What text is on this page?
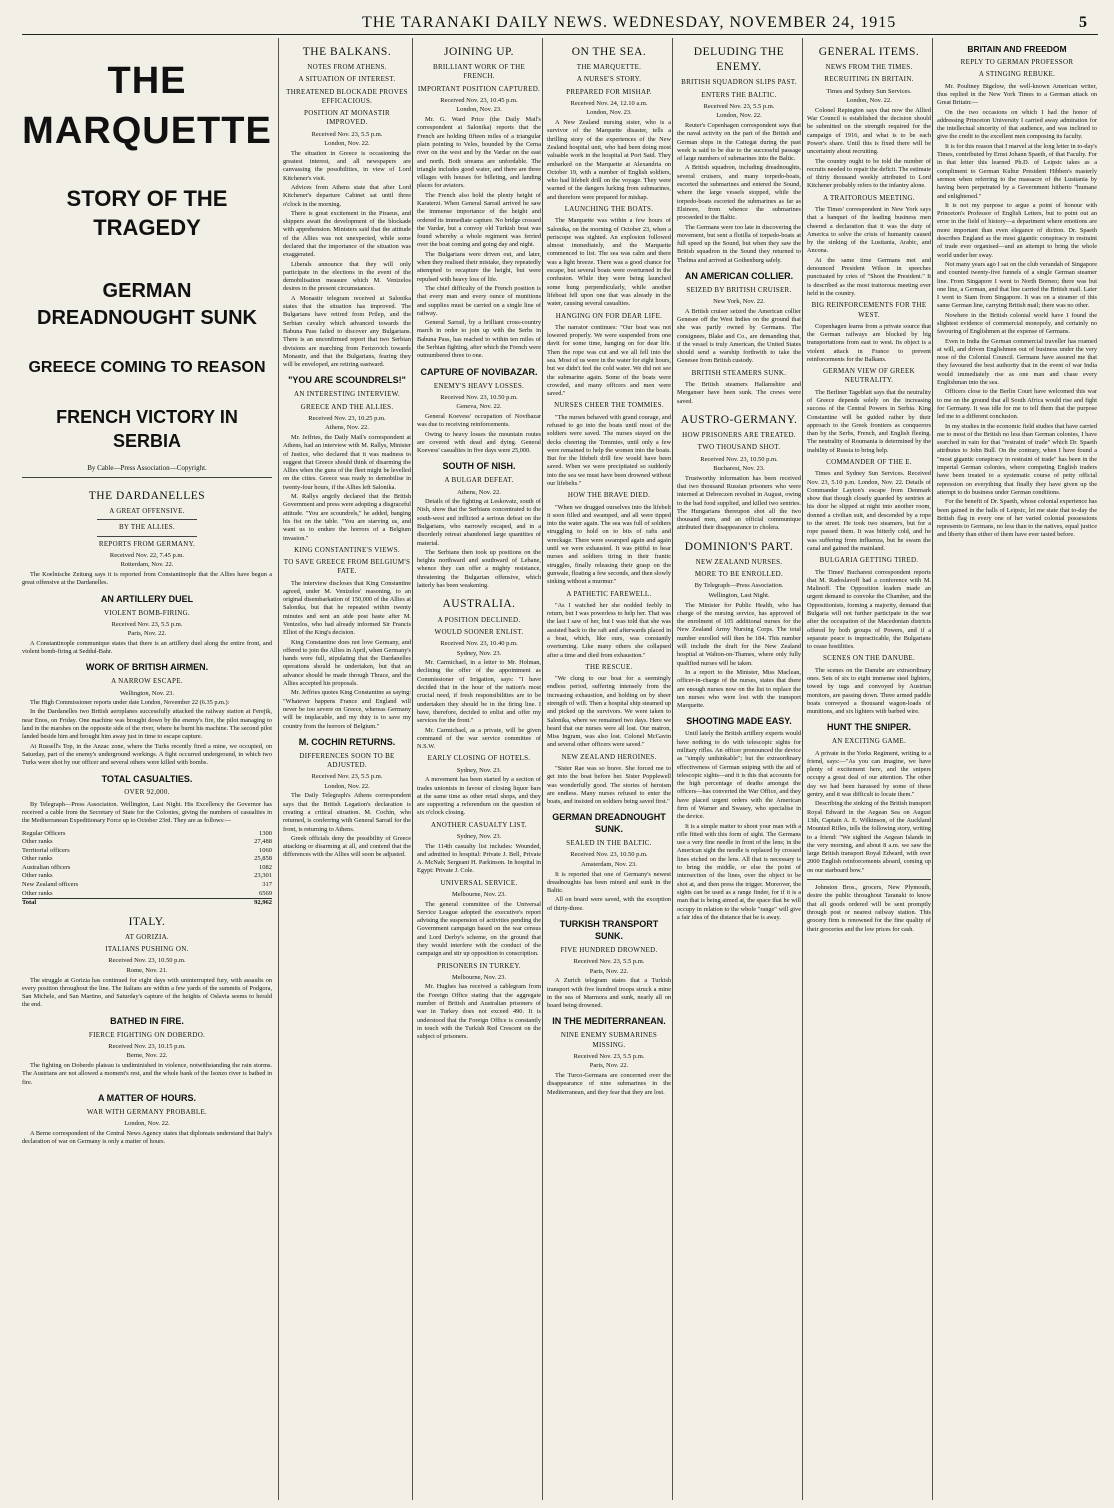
THE TARANAKI DAILY NEWS. WEDNESDAY, NOVEMBER 24, 1915	5
THE MARQUETTE
STORY OF THE TRAGEDY
GERMAN DREADNOUGHT SUNK
GREECE COMING TO REASON
FRENCH VICTORY IN SERBIA
By Cable—Press Association—Copyright.
THE DARDANELLES
A GREAT OFFENSIVE.
BY THE ALLIES.
REPORTS FROM GERMANY.
Received Nov. 22, 7.45 p.m.
Rotterdam, Nov. 22.

The Koelnische Zeitung says it is reported from Constantinople that the Allies have begun a great offensive at the Dardanelles.

AN ARTILLERY DUEL
VIOLENT BOMB-FIRING.
Received Nov. 23, 5.5 p.m.
Paris, Nov. 22.

A Constantinople communique states that there is an artillery duel along the entire front, and violent bomb-firing at Seddul-Bahr.

WORK OF BRITISH AIRMEN.
A NARROW ESCAPE.
Wellington, Nov. 23.

The High Commissioner reports under date London, November 22 (6.35 p.m.):

In the Dardanelles two British aeroplanes successfully attacked the railway station at Ferejik, near Enos, on Friday. One machine was brought down by the enemy's fire, the pilot managing to land in the marshes on the opposite side of the river, where he burnt his machine. The second pilot landed beside him and brought him away just in time to escape capture.

At Russell's Top, in the Anzac zone, where the Turks recently fired a mine, we occupied, on Saturday, part of the enemy's underground workings. A fight occurred underground, in which two Turks were shot by our officer and several others were killed with bombs.

TOTAL CASUALTIES.
OVER 92,000.

By Telegraph—Press Association. Wellington, Last Night. His Excellency the Governor has received a cable from the Secretary of State for the Colonies, giving the numbers of casualties in the Mediterranean Expeditionary Force up to October 23rd. They are as follows:—

Regular Officers	1300
Other ranks	27,488
Territorial officers	1060
Other ranks	25,858
Australian officers	1082
Other ranks	23,301
New Zealand officers	317
Other ranks	6569
Total	92,962
ITALY.
AT GORIZIA.
ITALIANS PUSHING ON.
Received Nov. 23, 10.50 p.m.
Rome, Nov. 21.

The struggle at Gorizia has continued for eight days with uninterrupted fury, with assaults on every position throughout the line. The Italians are within a few yards of the summits of Podgora, San Michele, and San Martino, and Saturday's capture of the heights of Oslavia seems to herald the end.

BATHED IN FIRE.
FIERCE FIGHTING ON DOBERDO.
Received Nov. 23, 10.15 p.m.
Berne, Nov. 22.

The fighting on Doberdo plateau is undiminished in violence, notwithstanding the rain storms. The Austrians are not allowed a moment's rest, and the whole bank of the Isonzo river is bathed in fire.

A MATTER OF HOURS.
WAR WITH GERMANY PROBABLE.
London, Nov. 22.

A Berne correspondent of the Central News Agency states that diplomats understand that Italy's declaration of war on Germany is only a matter of hours.

THE BALKANS.
NOTES FROM ATHENS.
A SITUATION OF INTEREST.
THREATENED BLOCKADE PROVES EFFICACIOUS.
POSITION AT MONASTIR IMPROVED.
Received Nov. 23, 5.5 p.m.
London, Nov. 22.

The situation in Greece is occasioning the greatest interest, and all newspapers are canvassing the possibilities, in view of Lord Kitchener's visit.

Advices from Athens state that after Lord Kitchener's departure Cabinet sat until three o'clock in the morning.

There is great excitement in the Piraeus, and shippers await the development of the blockade with apprehension. Ministers said that the attitude of the Allies was not unexpected, while some declared that the importance of the situation was exaggerated.

Liberals announce that they will only participate in the elections in the event of the demobilisation measure which M. Venizelos desires in the present circumstances.

A Monastir telegram received at Salonika states that the situation has improved. The Bulgarians have retired from Prilep, and the Serbian cavalry which advanced towards the Babuna Pass failed to discover any Bulgarians. There is an unconfirmed report that two Serbian divisions are marching from Ferizovich towards Monastir, and that the Bulgarians, fearing they will be enveloped, are retiring eastward.

"YOU ARE SCOUNDRELS!"
AN INTERESTING INTERVIEW.
GREECE AND THE ALLIES.
Received Nov. 23, 10.25 p.m.
Athens, Nov. 22.

Mr. Jeffries, the Daily Mail's correspondent at Athens, had an interview with M. Rallys, Minister of Justice, who declared that it was madness to suggest that Greece should think of disarming the Allies when the guns of the fleet might be levelled on the cities. Greece was ready to demobilise in twenty-four hours, if the Allies left Salonika.

M. Rallys angrily declared that the British Government and press were adopting a disgraceful attitude. "You are scoundrels," he added, banging his fist on the table. "You are starving us, and want us to endure the horrors of a Belgium invasion."

KING CONSTANTINE'S VIEWS.
TO SAVE GREECE FROM BELGIUM'S FATE.

The interview discloses that King Constantine agreed, under M. Venizelos' reasoning, to an original disembarkation of 150,000 of the Allies at Salonika, but that he repeated within twenty minutes and sent an aide post haste after M. Venizelos, who had already informed Sir Francis Elliot of the King's decision.

King Constantine does not love Germany, and offered to join the Allies in April, when Germany's hands were full, stipulating that the Dardanelles operations should be undertaken, but that an advance should be made through Thrace, and the Allies accepted his proposals.

Mr. Jeffries quotes King Constantine as saying: "Whatever happens France and England will never be too severe on Greece, whereas Germany will be implacable, and my duty is to save my country from the horrors of Belgium."

M. COCHIN RETURNS.
DIFFERENCES SOON TO BE ADJUSTED.
Received Nov. 23, 5.5 p.m.
London, Nov. 22.

The Daily Telegraph's Athens correspondent says that the British Legation's declaration is creating a critical situation. M. Cochin, who returned, is conferring with General Sarrail for the front, is returning to Athens.

Greek officials deny the possibility of Greece attacking or disarming at all, and contend that the differences with the Allies will soon be adjusted.

JOINING UP.
BRILLIANT WORK OF THE FRENCH.
IMPORTANT POSITION CAPTURED.
Received Nov. 23, 10.45 p.m.
London, Nov. 23.

Mr. G. Ward Price (the Daily Mail's correspondent at Salonika) reports that the French are holding fifteen miles of a triangular plain pointing to Veles, bounded by the Cerna river on the west and by the Vardar on the east and north. Both streams are unfordable. The triangle includes good water, and there are three villages with houses for billeting, and landing places for aviators.

The French also hold the plenty height of Karaterzi. When General Sarrail arrived he saw the immense importance of the height and ordered its immediate capture. No bridge crossed the Vardar, but a convoy old Turkish boat was found whereby a whole regiment was ferried over the boat coming and going day and night.

The Bulgarians were driven out, and later, when they realised their mistake, they repeatedly attempted to recapture the height, but were repulsed with heavy loss of life.

The chief difficulty of the French position is that every man and every ounce of munitions and supplies must be carried on a single line of railway.

General Sarrail, by a brilliant cross-country march in order to join up with the Serbs in Babuna Pass, has reached to within ten miles of the Serbian fighting, after which the French were outnumbered three to one.

CAPTURE OF NOVIBAZAR.
ENEMY'S HEAVY LOSSES.
Received Nov. 23, 10.50 p.m.
Geneva, Nov. 22.

General Koevess' occupation of Novibazar was due to receiving reinforcements.

Owing to heavy losses the mountain routes are covered with dead and dying. General Koevess' casualties in five days were 25,000.

SOUTH OF NISH.
A BULGAR DEFEAT.
Athens, Nov. 22.

Details of the fighting at Leskovatz, south of Nish, show that the Serbians concentrated to the south-west and inflicted a serious defeat on the Bulgarians, who narrowly escaped, and in a disorderly retreat abandoned large quantities of material.

The Serbians then took up positions on the heights northward and southward of Lebane, whence they can offer a mighty resistance, threatening the Bulgarian offensive, which latterly has been weakening.

AUSTRALIA.
A POSITION DECLINED.
WOULD SOONER ENLIST.
Received Nov. 23, 10.40 p.m.
Sydney, Nov. 23.

Mr. Carmichael, in a letter to Mr. Holman, declining the offer of the appointment as Commissioner of Irrigation, says: "I have decided that in the hour of the nation's most crucial need, if fresh responsibilities are to be undertaken they should be in the firing line. I have, therefore, decided to enlist and offer my services for the front."

Mr. Carmichael, as a private, will be given command of the war service committee of N.S.W.

EARLY CLOSING OF HOTELS.
Sydney, Nov. 23.

A movement has been started by a section of trades unionists in favour of closing liquor bars at the same time as other retail shops, and they are supporting a referendum on the question of six o'clock closing.

ANOTHER CASUALTY LIST.
Sydney, Nov. 23.

The 114th casualty list includes: Wounded, and admitted to hospital: Private J. Bell, Private A. McNab; Sergeant H. Parkinson. In hospital in Egypt: Private J. Cole.

UNIVERSAL SERVICE.
Melbourne, Nov. 23.

The general committee of the Universal Service League adopted the executive's report advising the suspension of activities pending the Government campaign based on the war census and Lord Derby's scheme, on the ground that they would interfere with the conduct of the campaign and stir up opposition to conscription.

PRISONERS IN TURKEY.
Melbourne, Nov. 23.

Mr. Hughes has received a cablegram from the Foreign Office stating that the aggregate number of British and Australian prisoners of war in Turkey does not exceed 490. It is understood that the Foreign Office is constantly in touch with the Turkish Red Crescent on the subject of prisoners.

ON THE SEA.
THE MARQUETTE.
A NURSE'S STORY.
PREPARED FOR MISHAP.
Received Nov. 24, 12.10 a.m.
London, Nov. 23.

A New Zealand nursing sister, who is a survivor of the Marquette disaster, tells a thrilling story of the experiences of the New Zealand hospital unit, who had been doing most valuable work in the hospital at Port Said. They embarked on the Marquette at Alexandria on October 19, with a number of English soldiers, who had lifebelt drill on the voyage. They were warned of the dangers lurking from submarines, and therefore were prepared for mishap.

LAUNCHING THE BOATS.

The Marquette was within a few hours of Salonika, on the morning of October 23, when a periscope was sighted. An explosion followed almost immediately, and the Marquette commenced to list. The sea was calm and there was a light breeze. There was a good chance for escape, but several boats were overturned in the confusion. While they were being launched some hung perpendicularly, while another lifeboat fell upon one that was already in the water, causing several casualties.

HANGING ON FOR DEAR LIFE.

The narrator continues: "Our boat was not lowered properly. We were suspended from one davit for some time, hanging on for dear life. Then the rope was cut and we all fell into the sea. Most of us were in the water for eight hours, but we didn't feel the cold water. We did not see the submarine again. Some of the boats were crowded, and many officers and men were saved."

NURSES CHEER THE TOMMIES.

"The nurses behaved with grand courage, and refused to go into the boats until most of the soldiers were saved. The nurses stayed on the decks cheering the Tommies, until only a few were remained to help the women into the boats. But for the lifebelt drill few would have been saved. When we were precipitated so suddenly into the sea we must have been drowned without our lifebelts."

HOW THE BRAVE DIED.

"When we drugged ourselves into the lifebelt it soon filled and swamped, and all were tipped into the water again. The sea was full of soldiers struggling to hold on to bits of rafts and wreckage. There were swamped again and again until we were exhausted. It was pitiful to hear nurses and soldiers tiring in their frantic struggles, finally releasing their grasp on the gunwale, floating a few seconds, and then slowly sinking without a murmur."

A PATHETIC FAREWELL.

"As I watched her she nodded feebly in return, but I was powerless to help her. That was the last I saw of her, but I was told that she was assisted back to the raft and afterwards placed in a boat, which, like ours, was constantly overturning. Like many others she collapsed after a time and died from exhaustion."

THE RESCUE.

"We clung to our boat for a seemingly endless period, suffering intensely from the increasing exhaustion, and holding on by sheer strength of will. Then a hospital ship steamed up and picked up the survivors. We were taken to Salonika, where we remained two days. Here we heard that our nurses were all lost. Our matron, Miss Ingram, was also lost. Colonel McGavin and several other officers were saved."

NEW ZEALAND HEROINES.

"Sister Rae was so brave. She forced me to get into the boat before her. Sister Popplewell was wonderfully good. The stories of heroism are endless. Many nurses refused to enter the boats, and insisted on soldiers being saved first."

GERMAN DREADNOUGHT SUNK.
SEALED IN THE BALTIC.
Received Nov. 23, 10.50 p.m.
Amsterdam, Nov. 23.

It is reported that one of Germany's newest dreadnoughts has been mined and sunk in the Baltic.

All on board were saved, with the exception of thirty-three.

TURKISH TRANSPORT SUNK.
FIVE HUNDRED DROWNED.
Received Nov. 23, 5.5 p.m.
Paris, Nov. 22.

A Zurich telegram states that a Turkish transport with five hundred troops struck a mine in the sea of Marmora and sunk, nearly all on board being drowned.

IN THE MEDITERRANEAN.
NINE ENEMY SUBMARINES MISSING.
Received Nov. 23, 5.5 p.m.
Paris, Nov. 22.

The Turco-Germans are concerned over the disappearance of nine submarines in the Mediterranean, and they fear that they are lost.

DELUDING THE ENEMY.
BRITISH SQUADRON SLIPS PAST.
ENTERS THE BALTIC.
Received Nov. 23, 5.5 p.m.
London, Nov. 22.

Reuter's Copenhagen correspondent says that the naval activity on the part of the British and German ships in the Cattegat during the past week is said to be due to the successful passage of large numbers of submarines into the Baltic.

A British squadron, including dreadnoughts, several cruisers, and many torpedo-boats, escorted the submarines and entered the Sound, where the large vessels stopped, while the torpedo-boats escorted the submarines as far as Elsinore, from whence the submarines proceeded to the Baltic.

The Germans were too late in discovering the movement, but sent a flotilla of torpedo-boats at full speed up the Sound, but when they saw the British squadron in the Sound they returned to Thelma and arrived at Gothenburg safely.

AN AMERICAN COLLIER.
SEIZED BY BRITISH CRUISER.
New York, Nov. 22.

A British cruiser seized the American collier Genesee off the West Indies on the ground that she was partly owned by Germans. The consignees, Blake and Co., are demanding that, if the vessel is truly American, the United States should send a warship forthwith to take the Genesee from British custody.

BRITISH STEAMERS SUNK.

The British steamers Hallamshire and Merganser have been sunk. The crews were saved.

AUSTRO-GERMANY.
HOW PRISONERS ARE TREATED.
TWO THOUSAND SHOT.
Received Nov. 23, 10.50 p.m.
Bucharest, Nov. 23.

Trustworthy information has been received that two thousand Russian prisoners who were interned at Debreczen revolted in August, owing to the bad food supplied, and killed two sentries. The Hungarians thereupon shot all the two thousand men, and an official communique attributed their disappearance to cholera.

DOMINION'S PART.
NEW ZEALAND NURSES.
MORE TO BE ENROLLED.
By Telegraph—Press Association.
Wellington, Last Night.

The Minister for Public Health, who has charge of the nursing service, has approved of the enrolment of 105 additional nurses for the New Zealand Army Nursing Corps. The total number enrolled will then be 184. This number will include the draft for the New Zealand hospital at Walton-on-Thames, where only fully qualified nurses will be taken.

In a report to the Minister, Miss Maclean, officer-in-charge of the nurses, states that there are enough nurses now on the list to replace the ten nurses who were lost with the transport Marquette.

SHOOTING MADE EASY.

Until lately the British artillery experts would have nothing to do with telescopic sights for military rifles. An officer pronounced the device as "simply unthinkable"; but the extraordinary effectiveness of German sniping with the aid of telescopic sights—and it is this that accounts for the high percentage of deaths amongst the officers—has converted the War Office, and they have placed urgent orders with the American firm of Warner and Swasey, who specialise in the device.

It is a simple matter to shoot your man with a rifle fitted with this form of sight. The Germans use a very fine needle in front of the lens; in the American sight the needle is replaced by crossed lines etched on the lens. All that is necessary is to bring the middle, or else the point of intersection of the lines, over the object to be shot at, and then press the trigger. Moreover, the sights can be used as a range finder, for if it is a man that is being aimed at, the space that he will occupy in relation to the whole "range" will give a fair idea of the distance that he is away.

GENERAL ITEMS.
NEWS FROM THE TIMES.
RECRUITING IN BRITAIN.
Times and Sydney Sun Services.
London, Nov. 22.

Colonel Repington says that now the Allied War Council is established the decision should be submitted on the strength required for the campaign of 1916, and what is to be each Power's share. Until this is fixed there will be uncertainty about recruiting.

The country ought to be told the number of recruits needed to repair the deficit. The estimate of thirty thousand weekly attributed to Lord Kitchener probably refers to the infantry alone.

A TRAITOROUS MEETING.

The Times' correspondent in New York says that a banquet of the leading business men cheered a declaration that it was the duty of America to solve the crisis of humanity caused by the sinking of the Lusitania, Arabic, and Ancona.

At the same time Germans met and denounced President Wilson in speeches punctuated by cries of "Shoot the President." It is described as the most traitorous meeting ever held in the country.

BIG REINFORCEMENTS FOR THE WEST.

Copenhagen learns from a private source that the German railways are blocked by big transportations from east to west. Its object is a violent attack in France to prevent reinforcements for the Balkans.

GERMAN VIEW OF GREEK NEUTRALITY.

The Berliner Tageblatt says that the neutrality of Greece depends solely on the increasing success of the Central Powers in Serbia. King Constantine will be guided rather by their approach to the Greek frontiers as conquerors than by the Serbs, French, and English fleeing. The neutrality of Roumania is determined by the inability of Russia to bring help.

COMMANDER OF THE E.

Times and Sydney Sun Services. Received Nov. 23, 5.10 p.m. London, Nov. 22. Details of Commander Layton's escape from Denmark show that though closely guarded by sentries at his door he slipped at night into another room, donned a civilian suit, and descended by a rope to the street. He took two steamers, but for a rope passed them. It was bitterly cold, and he was suffering from influenza, but he swam the canal and gained the mainland.

BULGARIA GETTING TIRED.

The Times' Bucharest correspondent reports that M. Radoslavoff had a conference with M. Malinoff. The Opposition leaders made an urgent demand to convoke the Chamber, and the Oppositionists, forming a majority, demand that Bulgaria will not further participate in the war after the occupation of the Macedonian districts offered by both groups of Powers, and if a separate peace is impracticable, the Bulgarians to cease hostilities.

SCENES ON THE DANUBE.

The scenes on the Danube are extraordinary ones. Sets of six to eight immense steel lighters, towed by tugs and convoyed by Austrian monitors, are passing down. Three armed paddle boats conveyed a thousand wagon-loads of munitions, and six lighters with barbed wire.

HUNT THE SNIPER.
AN EXCITING GAME.

A private in the Yorks Regiment, writing to a friend, says:—"As you can imagine, we have plenty of excitement here, and the snipers occupy a great deal of our attention. The other day we had been harassed by some of these gentry, and it was difficult to locate them."

Describing the sinking of the British transport Royal Edward in the Aegean Sea on August 13th, Captain A. E. Wilkinson, of the Auckland Mounted Rifles, tells the following story, writing to a friend: "We sighted the Aegean Islands in the very morning, and about 8 a.m. we saw the large British transport Royal Edward, with over 2000 English reinforcements aboard, coming up on our starboard bow."

Johnston Bros., grocers, New Plymouth, desire the public throughout Taranaki to know that all goods ordered will be sent promptly through post or nearest railway station. This grocery firm is renowned for the fine quality of their groceries and the low prices for cash.

BRITAIN AND FREEDOM
REPLY TO GERMAN PROFESSOR
A STINGING REBUKE.

Mr. Poultney Bigelow, the well-known American writer, thus replied in the New York Times to a German attack on Great Britain:—

On the two occasions on which I had the honor of addressing Princeton University I carried away admiration for the intellectual sincerity of that audience, and was inclined to give the credit to the excellent men composing its faculty.

It is for this reason that I marvel at the long letter in to-day's Times, contributed by Ernst Johann Spaeth, of that Faculty. For in that letter this learned Ph.D. of Leipsic takes as a compliment to German Kultur President Hibben's masterly sermon when referring to the massacre of the Lusitania by having been perpetrated by a Government hitherto "humane and enlightened."

It is not my purpose to argue a point of honour with Princeton's Professor of English Letters, but to point out an error in the field of history—a department where emotions are more important than even elegance of diction. Dr. Spaeth describes England as the most gigantic conspiracy in restraint of trade ever organised—and an attempt to bring the whole world under her sway.

Not many years ago I sat on the club verandah of Singapore and counted twenty-five funnels of a single German steamer line. From Singapore I went to North Borneo; there was but one line, a German, and that line carried the British mail. Later I went to Siam from Singapore. It was on a steamer of this same German line, carrying British mail; there was no other.

Nowhere in the British colonial world have I found the slightest evidence of commercial monopoly, and certainly no favouring of Englishmen at the expense of Germans.

Even in India the German commercial traveller has roamed at will, and driven Englishmen out of business under the very nose of the Colonial Council. Germans have assured me that they favoured the best authority that in the event of war India would immediately rise as one man and chase every Englishman into the sea.

Officers close to the Berlin Court have welcomed this war to me on the ground that all South Africa would rise and fight for Germany. It was idle for me to tell them that the purpose led me to a different conclusion.

In my studies in the economic field studies that have carried me to most of the British no less than German colonies, I have searched in vain for that "restraint of trade" which Dr. Spaeth attributes to John Bull. On the contrary, when I have found a "most gigantic conspiracy in restraint of trade" has been in the imperial German colonies, where competing English traders have been treated to a systematic course of petty official repression on everything that finally they have given up the attempt to do business under German conditions.

For the benefit of Dr. Spaeth, whose colonial experience has been gained in the halls of Leipsic, let me state that to-day the British flag in every one of her varied colonial possessions represents to Germans, no less than to the natives, equal justice and liberty than either of them have ever tasted before.
